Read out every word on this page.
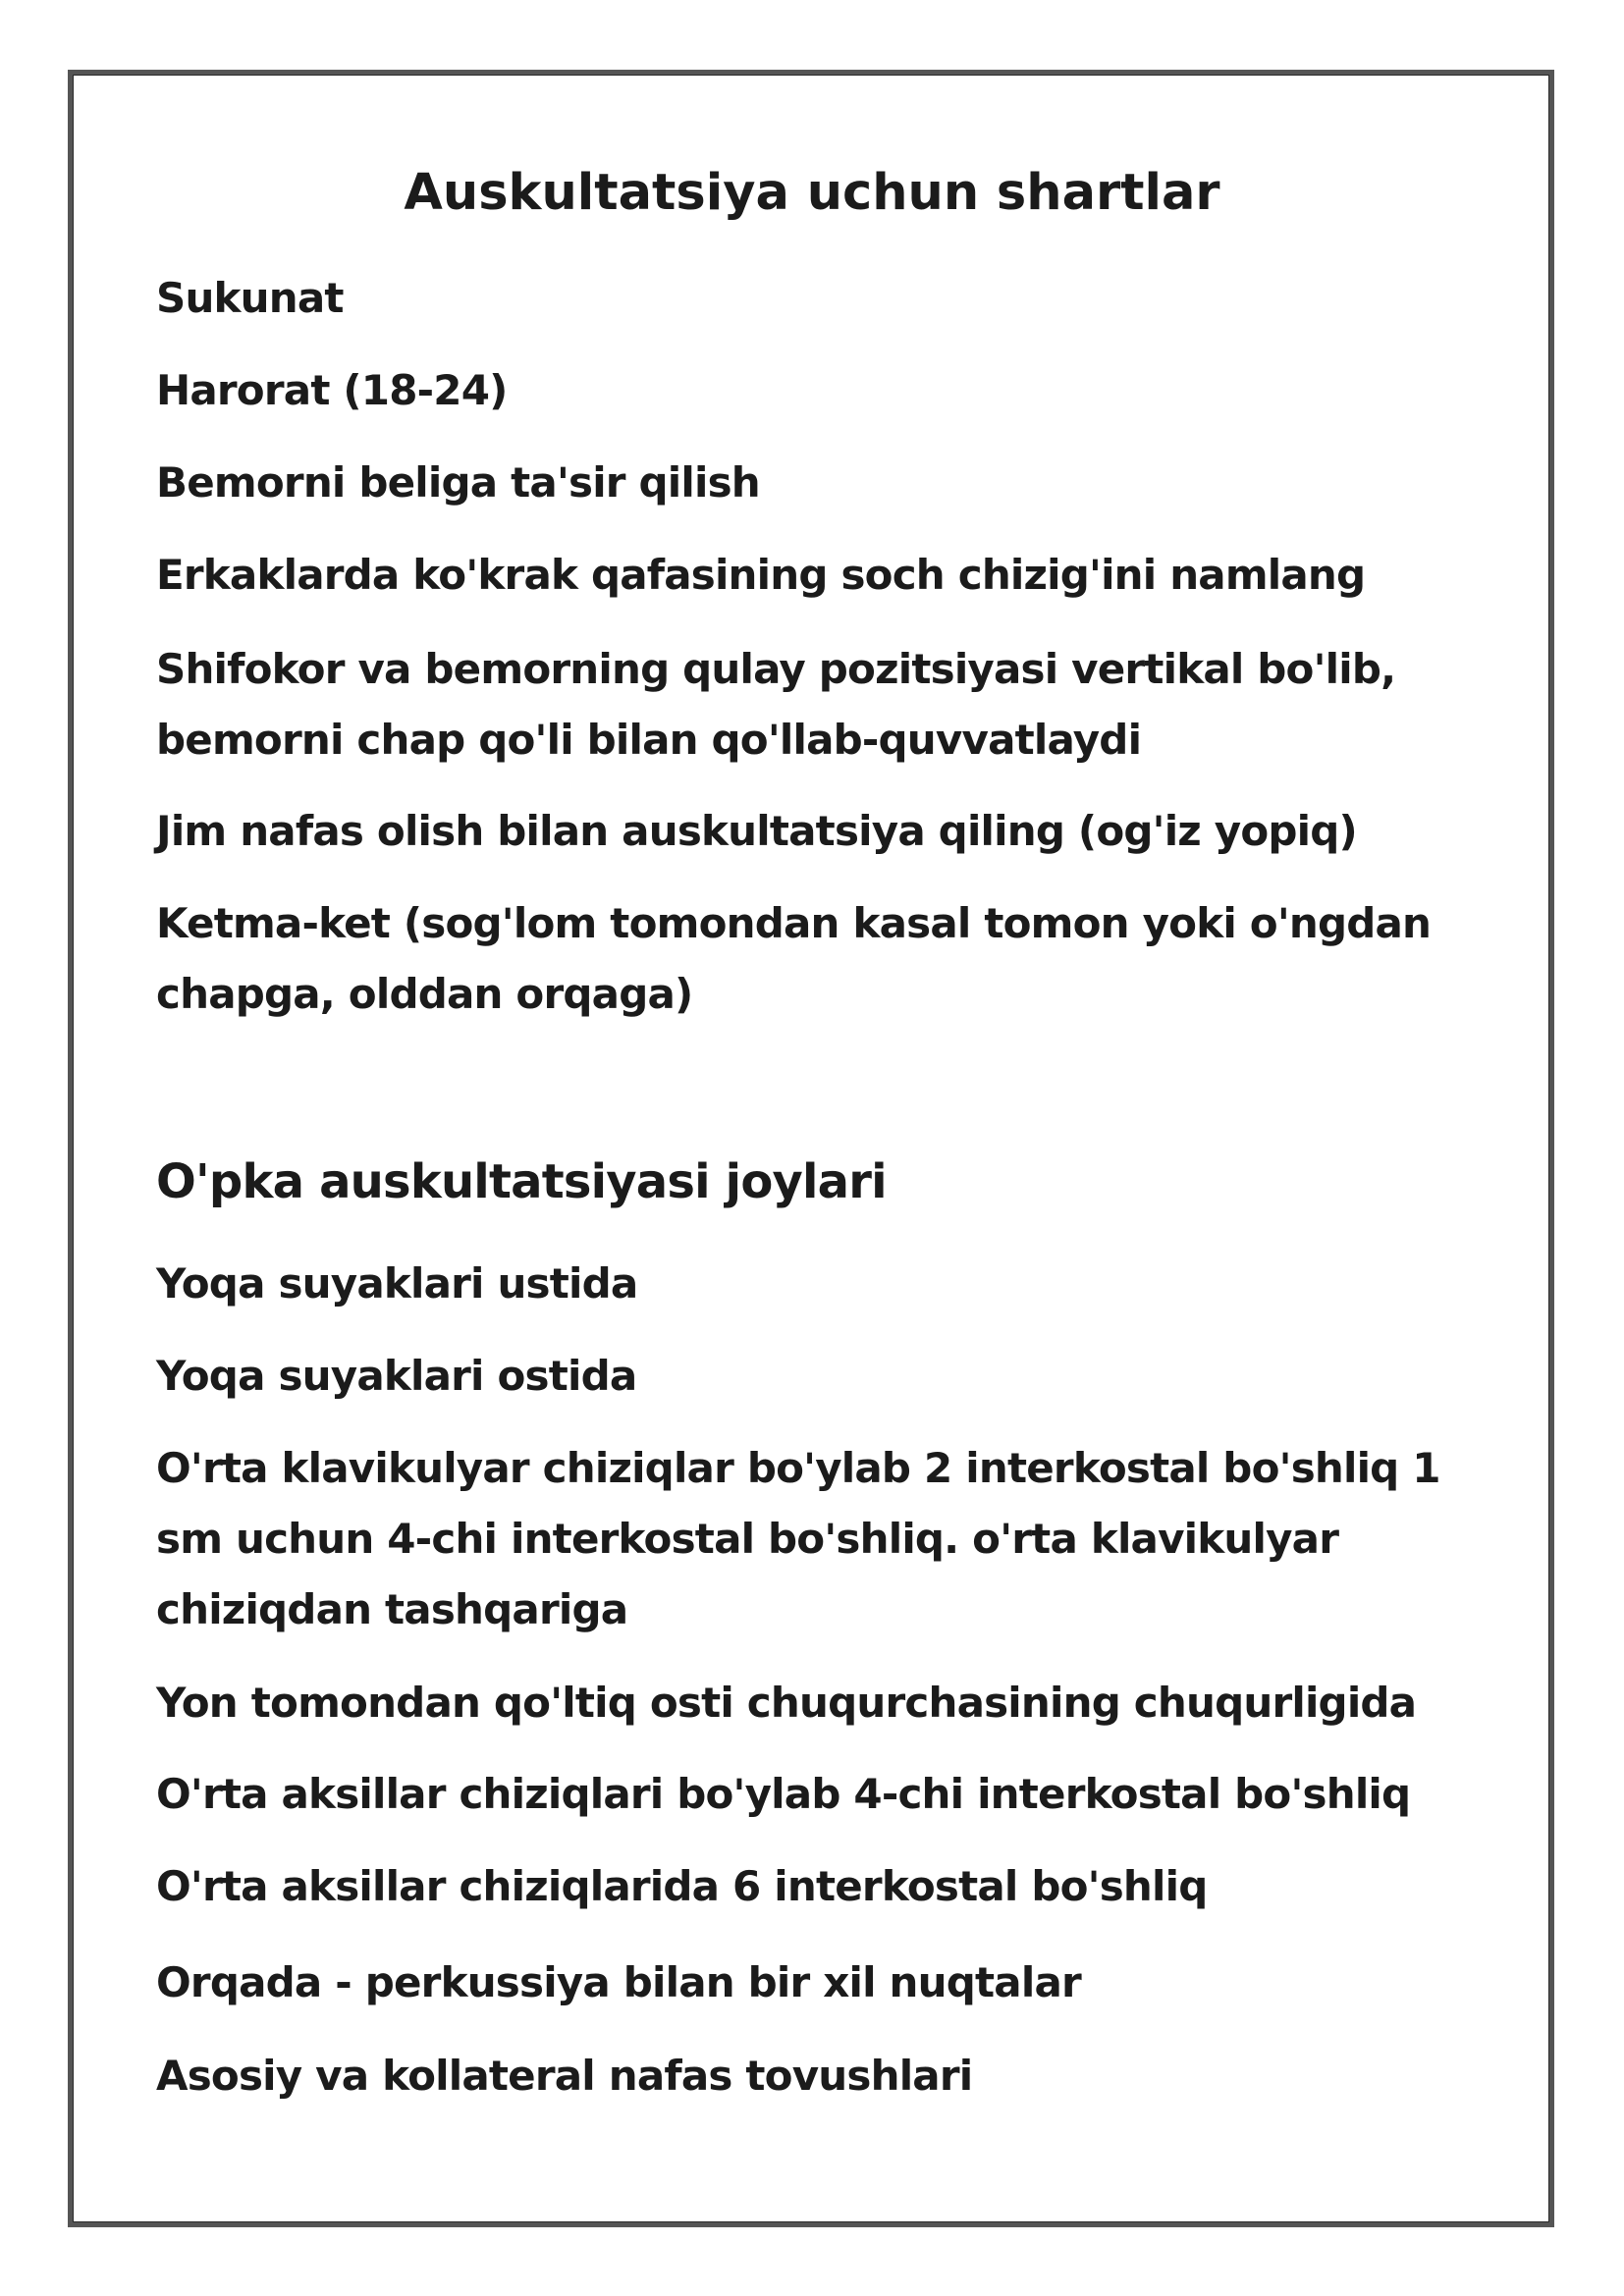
Auskultatsiya uchun shartlar

Sukunat

Harorat (18-24)

Bemorni beliga ta'sir qilish

Erkaklarda ko'krak qafasining soch chizig'ini namlang

Shifokor va bemorning qulay pozitsiyasi vertikal bo'lib, bemorni chap qo'li bilan qo'llab-quvvatlaydi

Jim nafas olish bilan auskultatsiya qiling (og'iz yopiq)

Ketma-ket (sog'lom tomondan kasal tomon yoki o'ngdan chapga, olddan orqaga)

O'pka auskultatsiyasi joylari

Yoqa suyaklari ustida

Yoqa suyaklari ostida

O'rta klavikulyar chiziqlar bo'ylab 2 interkostal bo'shliq 1 sm uchun 4-chi interkostal bo'shliq. o'rta klavikulyar chiziqdan tashqariga

Yon tomondan qo'ltiq osti chuqurchasining chuqurligida

O'rta aksillar chiziqlari bo'ylab 4-chi interkostal bo'shliq

O'rta aksillar chiziqlarida 6 interkostal bo'shliq

Orqada - perkussiya bilan bir xil nuqtalar

Asosiy va kollateral nafas tovushlari
